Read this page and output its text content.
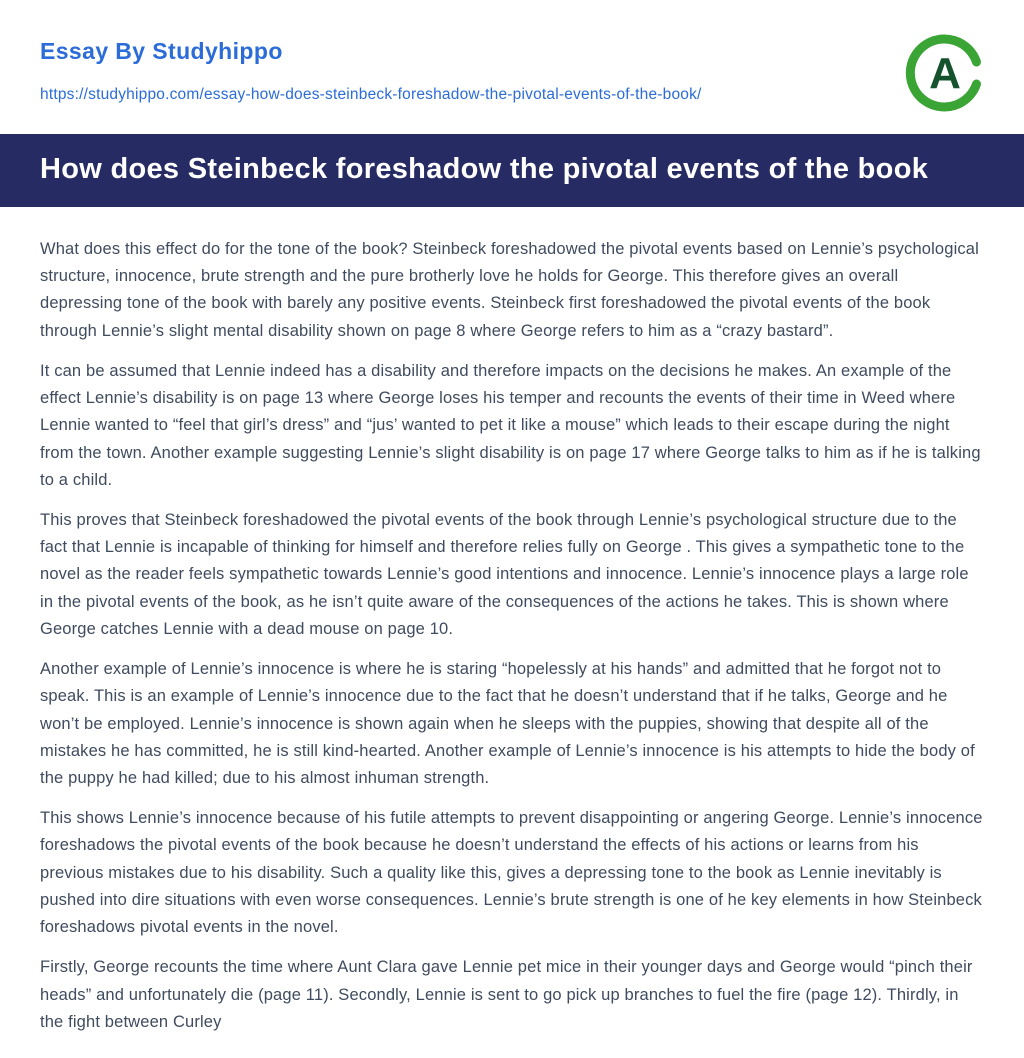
Essay By Studyhippo
https://studyhippo.com/essay-how-does-steinbeck-foreshadow-the-pivotal-events-of-the-book/	A
How does Steinbeck foreshadow the pivotal events of the book

What does this effect do for the tone of the book? Steinbeck foreshadowed the pivotal events based on Lennie’s psychological structure, innocence, brute strength and the pure brotherly love he holds for George. This therefore gives an overall depressing tone of the book with barely any positive events. Steinbeck first foreshadowed the pivotal events of the book through Lennie’s slight mental disability shown on page 8 where George refers to him as a “crazy bastard”.

It can be assumed that Lennie indeed has a disability and therefore impacts on the decisions he makes. An example of the effect Lennie’s disability is on page 13 where George loses his temper and recounts the events of their time in Weed where Lennie wanted to “feel that girl’s dress” and “jus’ wanted to pet it like a mouse” which leads to their escape during the night from the town. Another example suggesting Lennie’s slight disability is on page 17 where George talks to him as if he is talking to a child.

This proves that Steinbeck foreshadowed the pivotal events of the book through Lennie’s psychological structure due to the fact that Lennie is incapable of thinking for himself and therefore relies fully on George . This gives a sympathetic tone to the novel as the reader feels sympathetic towards Lennie’s good intentions and innocence. Lennie’s innocence plays a large role in the pivotal events of the book, as he isn’t quite aware of the consequences of the actions he takes. This is shown where George catches Lennie with a dead mouse on page 10.

Another example of Lennie’s innocence is where he is staring “hopelessly at his hands” and admitted that he forgot not to speak. This is an example of Lennie’s innocence due to the fact that he doesn’t understand that if he talks, George and he won’t be employed. Lennie’s innocence is shown again when he sleeps with the puppies, showing that despite all of the mistakes he has committed, he is still kind-hearted. Another example of Lennie’s innocence is his attempts to hide the body of the puppy he had killed; due to his almost inhuman strength.

This shows Lennie’s innocence because of his futile attempts to prevent disappointing or angering George. Lennie’s innocence foreshadows the pivotal events of the book because he doesn’t understand the effects of his actions or learns from his previous mistakes due to his disability. Such a quality like this, gives a depressing tone to the book as Lennie inevitably is pushed into dire situations with even worse consequences. Lennie’s brute strength is one of he key elements in how Steinbeck foreshadows pivotal events in the novel.

Firstly, George recounts the time where Aunt Clara gave Lennie pet mice in their younger days and George would “pinch their heads” and unfortunately die (page 11). Secondly, Lennie is sent to go pick up branches to fuel the fire (page 12). Thirdly, in the fight between Curley
